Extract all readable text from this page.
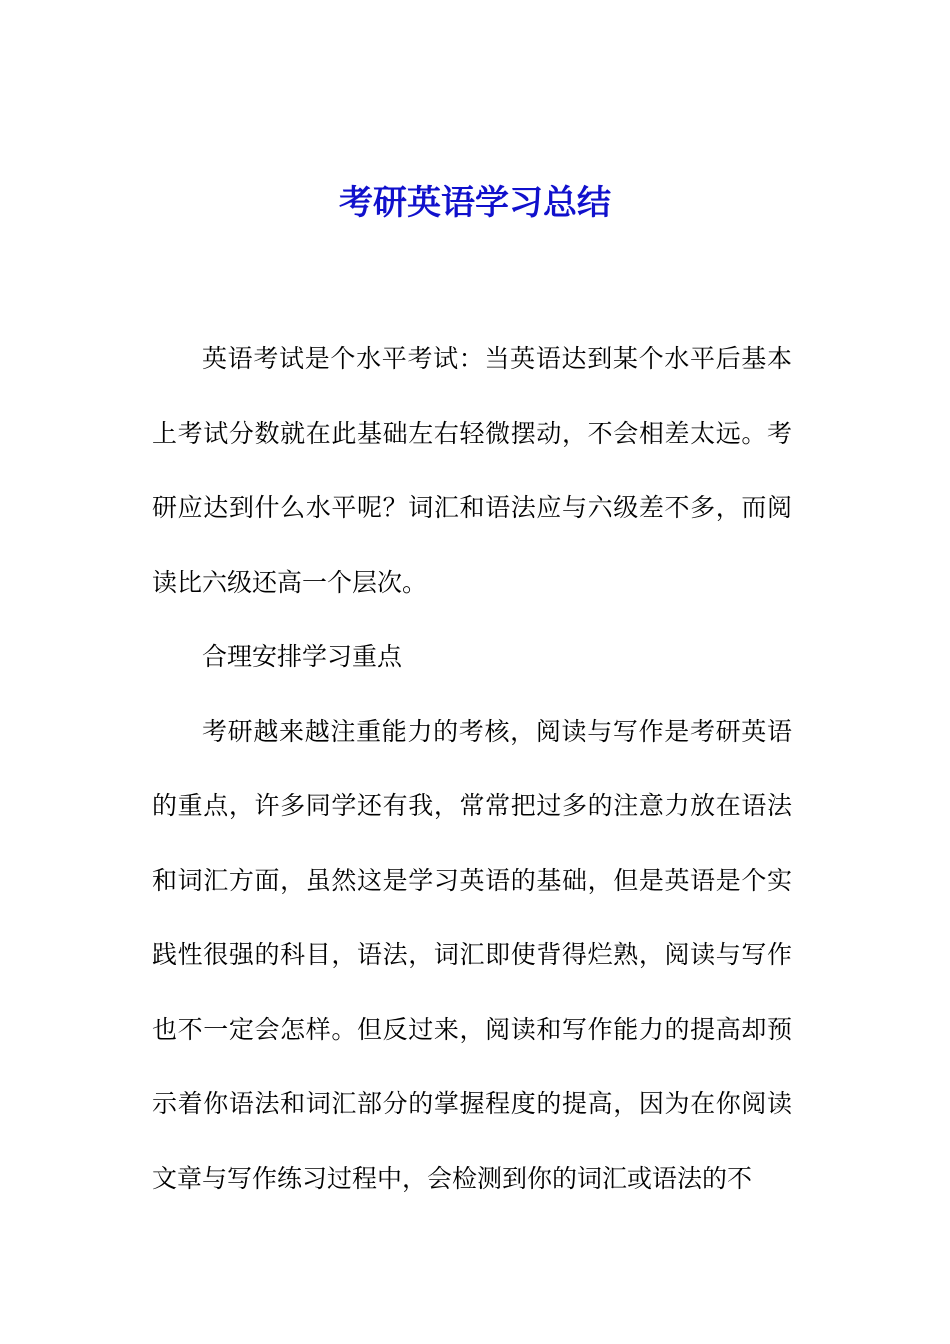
考研英语学习总结

英语考试是个水平考试：当英语达到某个水平后基本上考试分数就在此基础左右轻微摆动，不会相差太远。考研应达到什么水平呢？词汇和语法应与六级差不多，而阅读比六级还高一个层次。

合理安排学习重点

考研越来越注重能力的考核，阅读与写作是考研英语的重点，许多同学还有我，常常把过多的注意力放在语法和词汇方面，虽然这是学习英语的基础，但是英语是个实践性很强的科目，语法，词汇即使背得烂熟，阅读与写作也不一定会怎样。但反过来，阅读和写作能力的提高却预示着你语法和词汇部分的掌握程度的提高，因为在你阅读文章与写作练习过程中，会检测到你的词汇或语法的不
